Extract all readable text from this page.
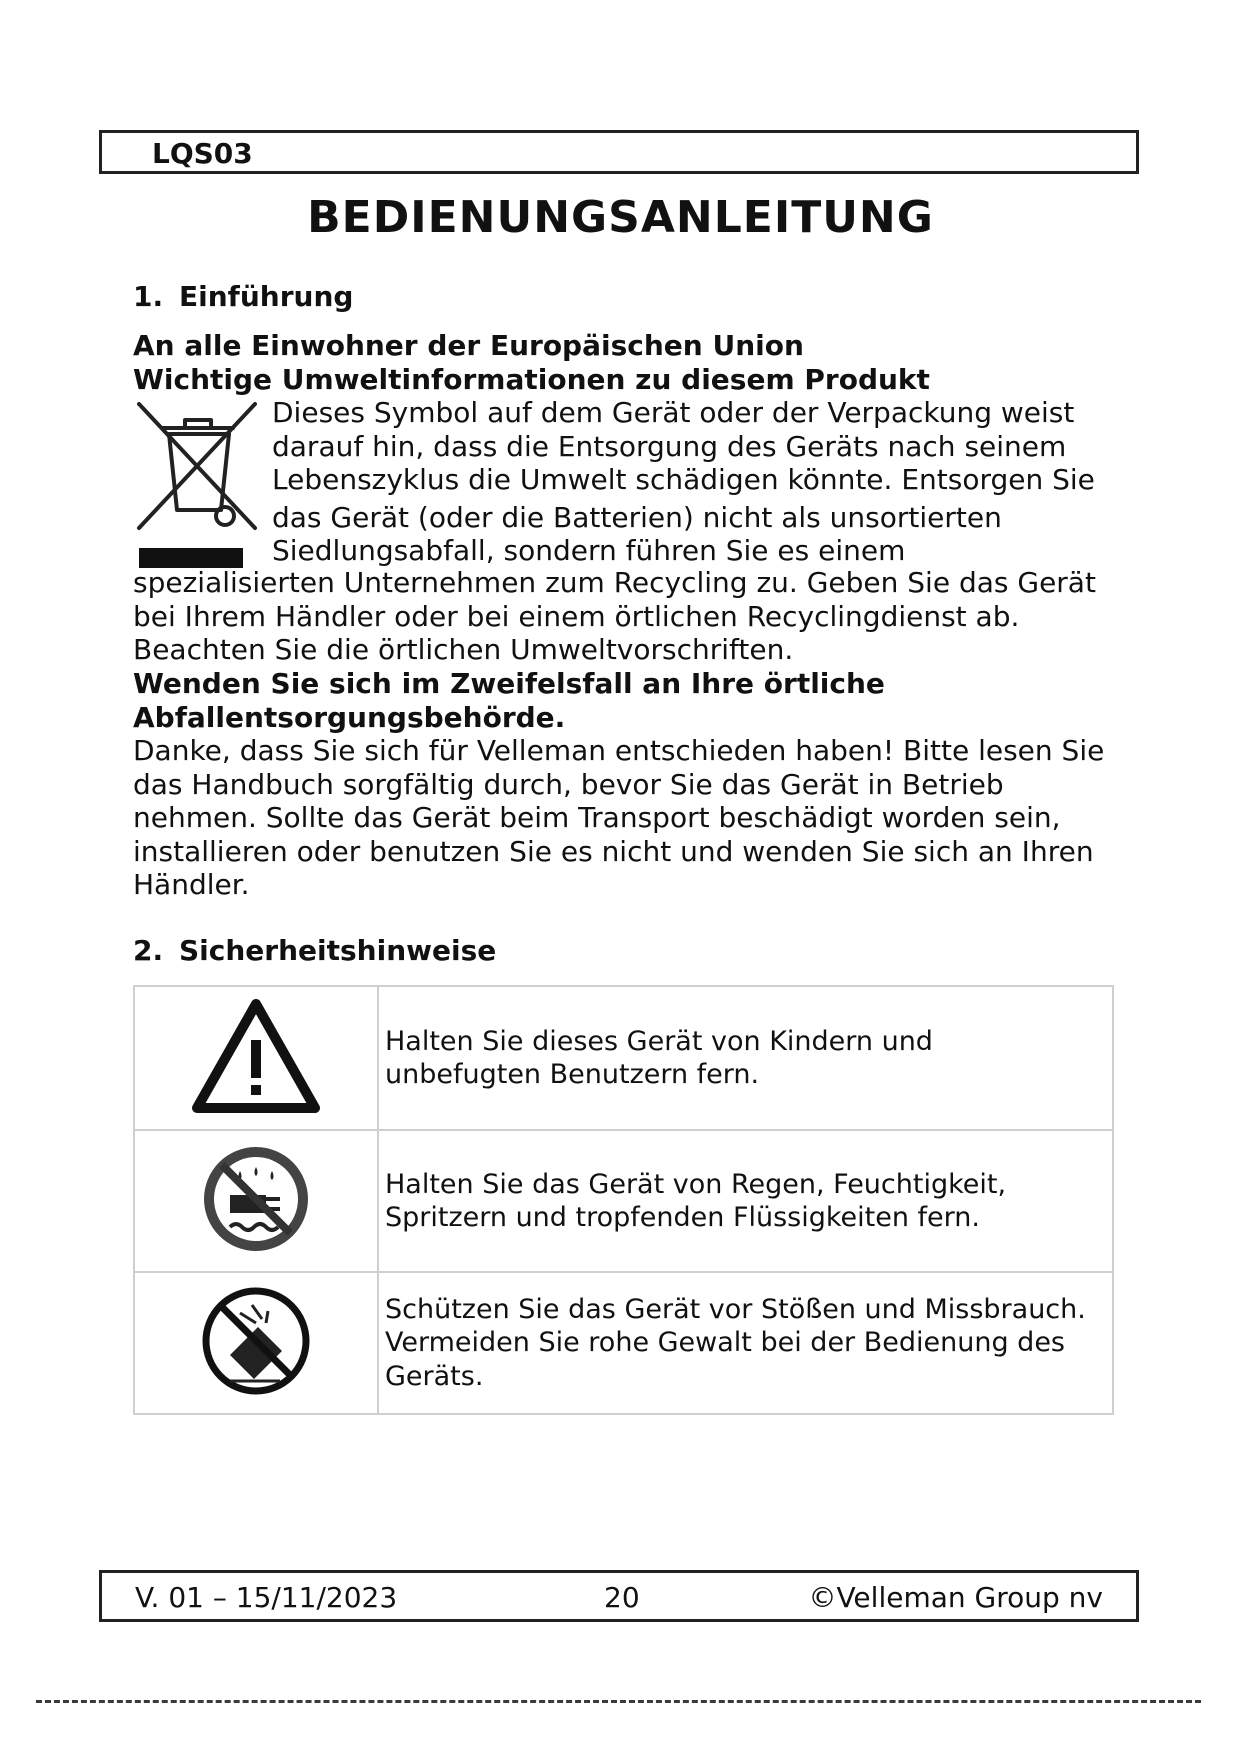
LQS03
BEDIENUNGSANLEITUNG
1. Einführung
An alle Einwohner der Europäischen Union
Wichtige Umweltinformationen zu diesem Produkt
Dieses Symbol auf dem Gerät oder der Verpackung weist
darauf hin, dass die Entsorgung des Geräts nach seinem
Lebenszyklus die Umwelt schädigen könnte. Entsorgen Sie
das Gerät (oder die Batterien) nicht als unsortierten
Siedlungsabfall, sondern führen Sie es einem
spezialisierten Unternehmen zum Recycling zu. Geben Sie das Gerät
bei Ihrem Händler oder bei einem örtlichen Recyclingdienst ab.
Beachten Sie die örtlichen Umweltvorschriften.
Wenden Sie sich im Zweifelsfall an Ihre örtliche
Abfallentsorgungsbehörde.
Danke, dass Sie sich für Velleman entschieden haben! Bitte lesen Sie
das Handbuch sorgfältig durch, bevor Sie das Gerät in Betrieb
nehmen. Sollte das Gerät beim Transport beschädigt worden sein,
installieren oder benutzen Sie es nicht und wenden Sie sich an Ihren
Händler.
2. Sicherheitshinweise

Halten Sie dieses Gerät von Kindern und
unbefugten Benutzern fern.

Halten Sie das Gerät von Regen, Feuchtigkeit,
Spritzern und tropfenden Flüssigkeiten fern.

Schützen Sie das Gerät vor Stößen und Missbrauch.
Vermeiden Sie rohe Gewalt bei der Bedienung des
Geräts.
V. 01 – 15/11/2023	20	©Velleman Group nv
